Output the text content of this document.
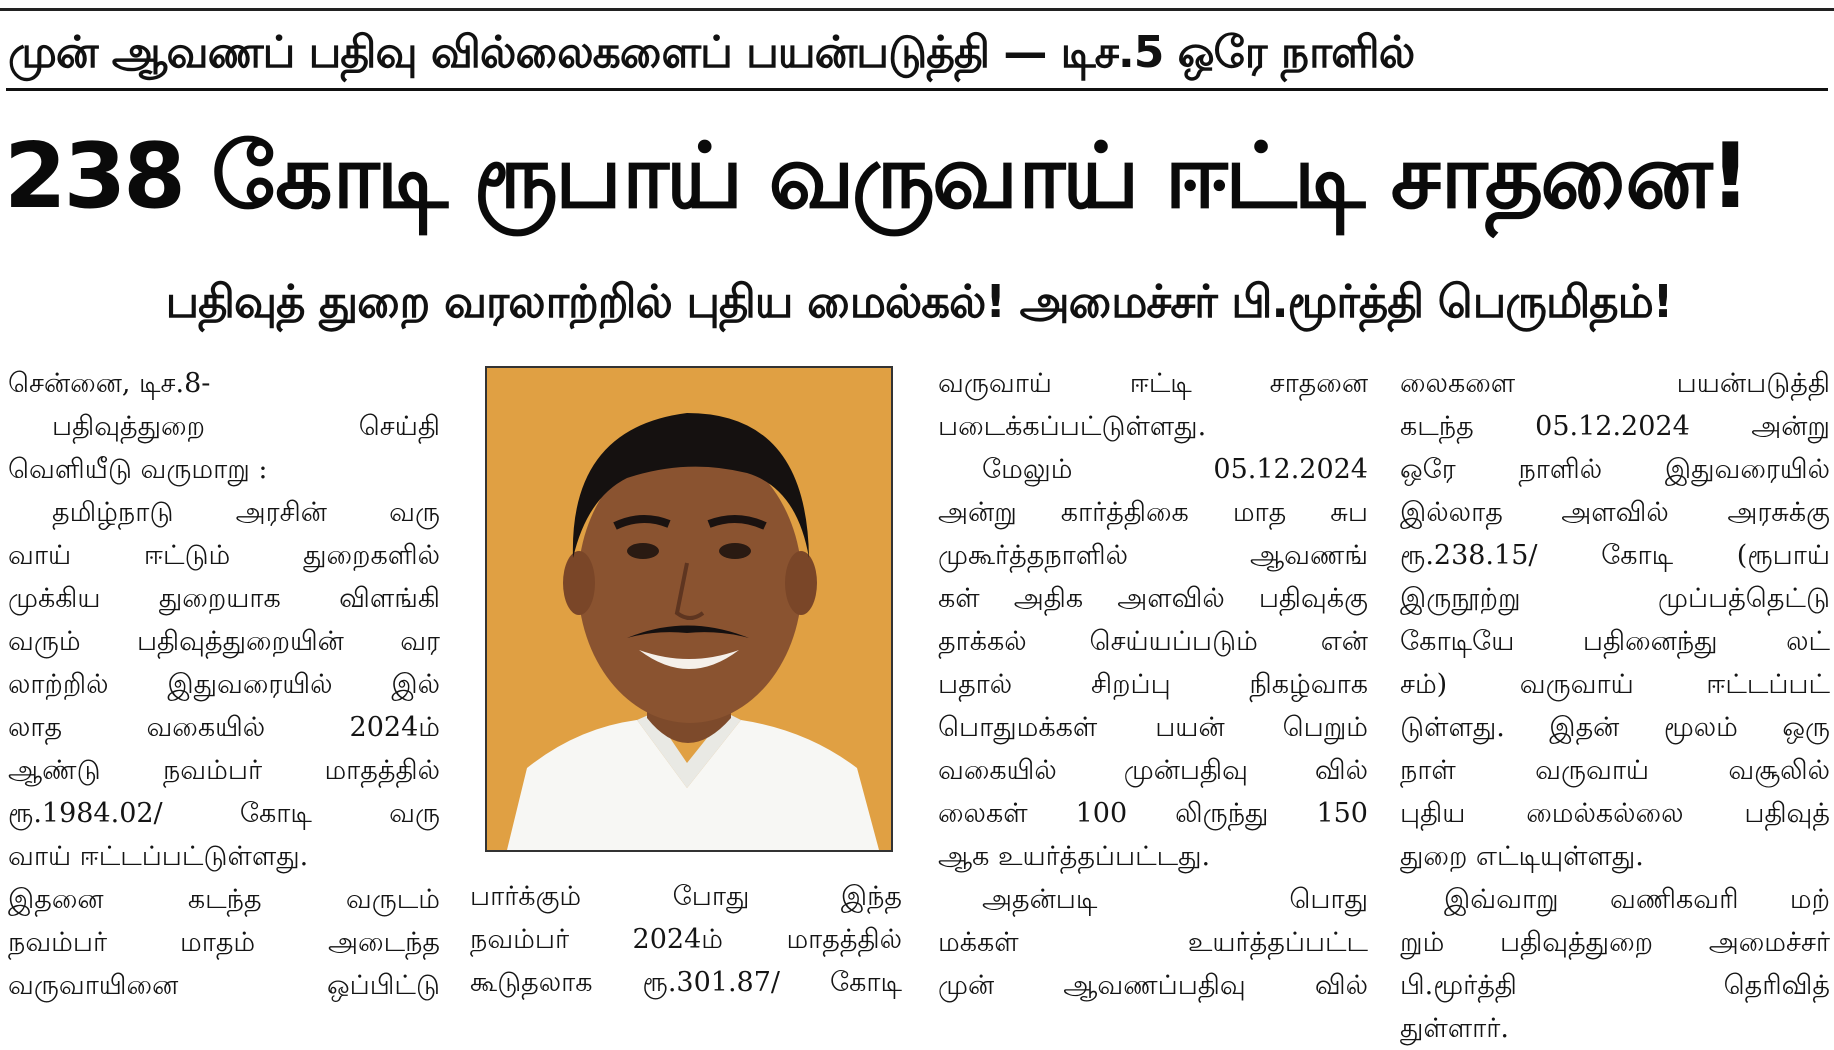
முன் ஆவணப் பதிவு வில்லைகளைப் பயன்படுத்தி — டிச.5 ஒரே நாளில்
238 கோடி ரூபாய் வருவாய் ஈட்டி சாதனை!
பதிவுத் துறை வரலாற்றில் புதிய மைல்கல்! அமைச்சர் பி.மூர்த்தி பெருமிதம்!

சென்னை, டிச.8-

பதிவுத்துறை செய்தி

வெளியீடு வருமாறு :

தமிழ்நாடு அரசின் வரு

வாய் ஈட்டும் துறைகளில்

முக்கிய துறையாக விளங்கி

வரும் பதிவுத்துறையின் வர

லாற்றில் இதுவரையில் இல்

லாத வகையில் 2024ம்

ஆண்டு நவம்பர் மாதத்தில்

ரூ.1984.02/ கோடி வரு

வாய் ஈட்டப்பட்டுள்ளது.

இதனை கடந்த வருடம்

நவம்பர் மாதம் அடைந்த

வருவாயினை ஒப்பிட்டு

பார்க்கும் போது இந்த

நவம்பர் 2024ம் மாதத்தில்

கூடுதலாக ரூ.301.87/ கோடி

வருவாய் ஈட்டி சாதனை

படைக்கப்பட்டுள்ளது.

மேலும் 05.12.2024

அன்று கார்த்திகை மாத சுப

முகூர்த்தநாளில் ஆவணங்

கள் அதிக அளவில் பதிவுக்கு

தாக்கல் செய்யப்படும் என்

பதால் சிறப்பு நிகழ்வாக

பொதுமக்கள் பயன் பெறும்

வகையில் முன்பதிவு வில்

லைகள் 100 லிருந்து 150

ஆக உயர்த்தப்பட்டது.

அதன்படி பொது

மக்கள் உயர்த்தப்பட்ட

முன் ஆவணப்பதிவு வில்

லைகளை பயன்படுத்தி

கடந்த 05.12.2024 அன்று

ஒரே நாளில் இதுவரையில்

இல்லாத அளவில் அரசுக்கு

ரூ.238.15/ கோடி (ரூபாய்

இருநூற்று முப்பத்தெட்டு

கோடியே பதினைந்து லட்

சம்) வருவாய் ஈட்டப்பட்

டுள்ளது. இதன் மூலம் ஒரு

நாள் வருவாய் வசூலில்

புதிய மைல்கல்லை பதிவுத்

துறை எட்டியுள்ளது.

இவ்வாறு வணிகவரி மற்

றும் பதிவுத்துறை அமைச்சர்

பி.மூர்த்தி தெரிவித்

துள்ளார்.
